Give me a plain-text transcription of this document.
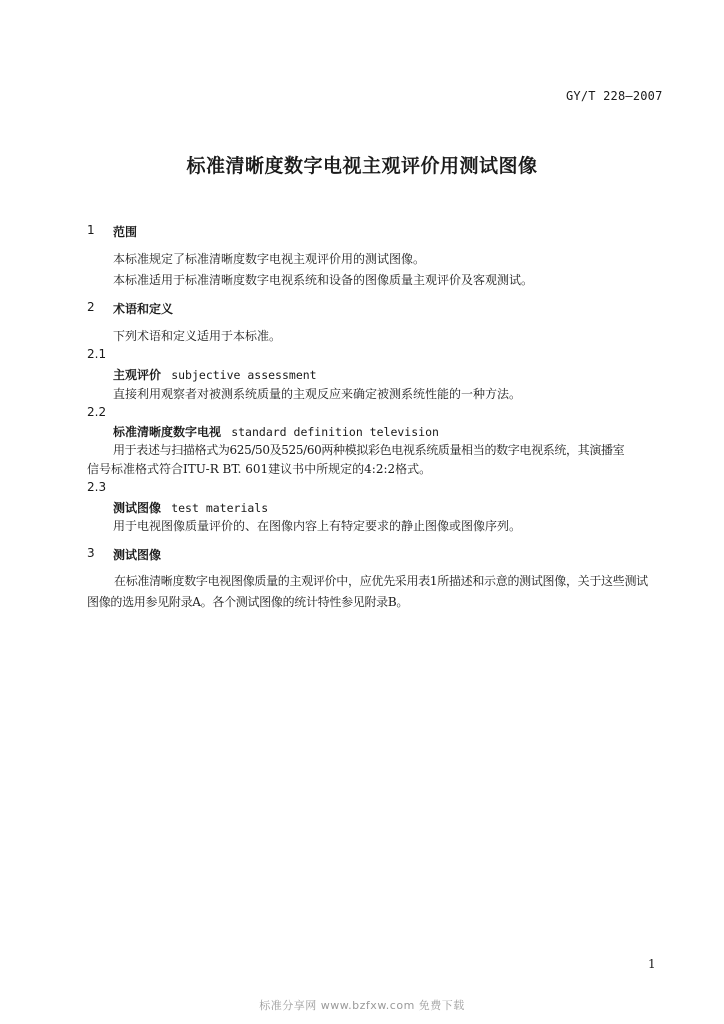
GY/T 228—2007
标准清晰度数字电视主观评价用测试图像
1 范围
本标准规定了标准清晰度数字电视主观评价用的测试图像。
本标准适用于标准清晰度数字电视系统和设备的图像质量主观评价及客观测试。
2 术语和定义
下列术语和定义适用于本标准。
2.1
主观评价 subjective assessment
直接利用观察者对被测系统质量的主观反应来确定被测系统性能的一种方法。
2.2
标准清晰度数字电视 standard definition television
用于表述与扫描格式为625/50及525/60两种模拟彩色电视系统质量相当的数字电视系统，其演播室
信号标准格式符合ITU-R BT. 601建议书中所规定的4:2:2格式。
2.3
测试图像 test materials
用于电视图像质量评价的、在图像内容上有特定要求的静止图像或图像序列。
3 测试图像
在标准清晰度数字电视图像质量的主观评价中，应优先采用表1所描述和示意的测试图像，关于这些测试图像的选用参见附录A。各个测试图像的统计特性参见附录B。
1
标准分享网 www.bzfxw.com 免费下载
